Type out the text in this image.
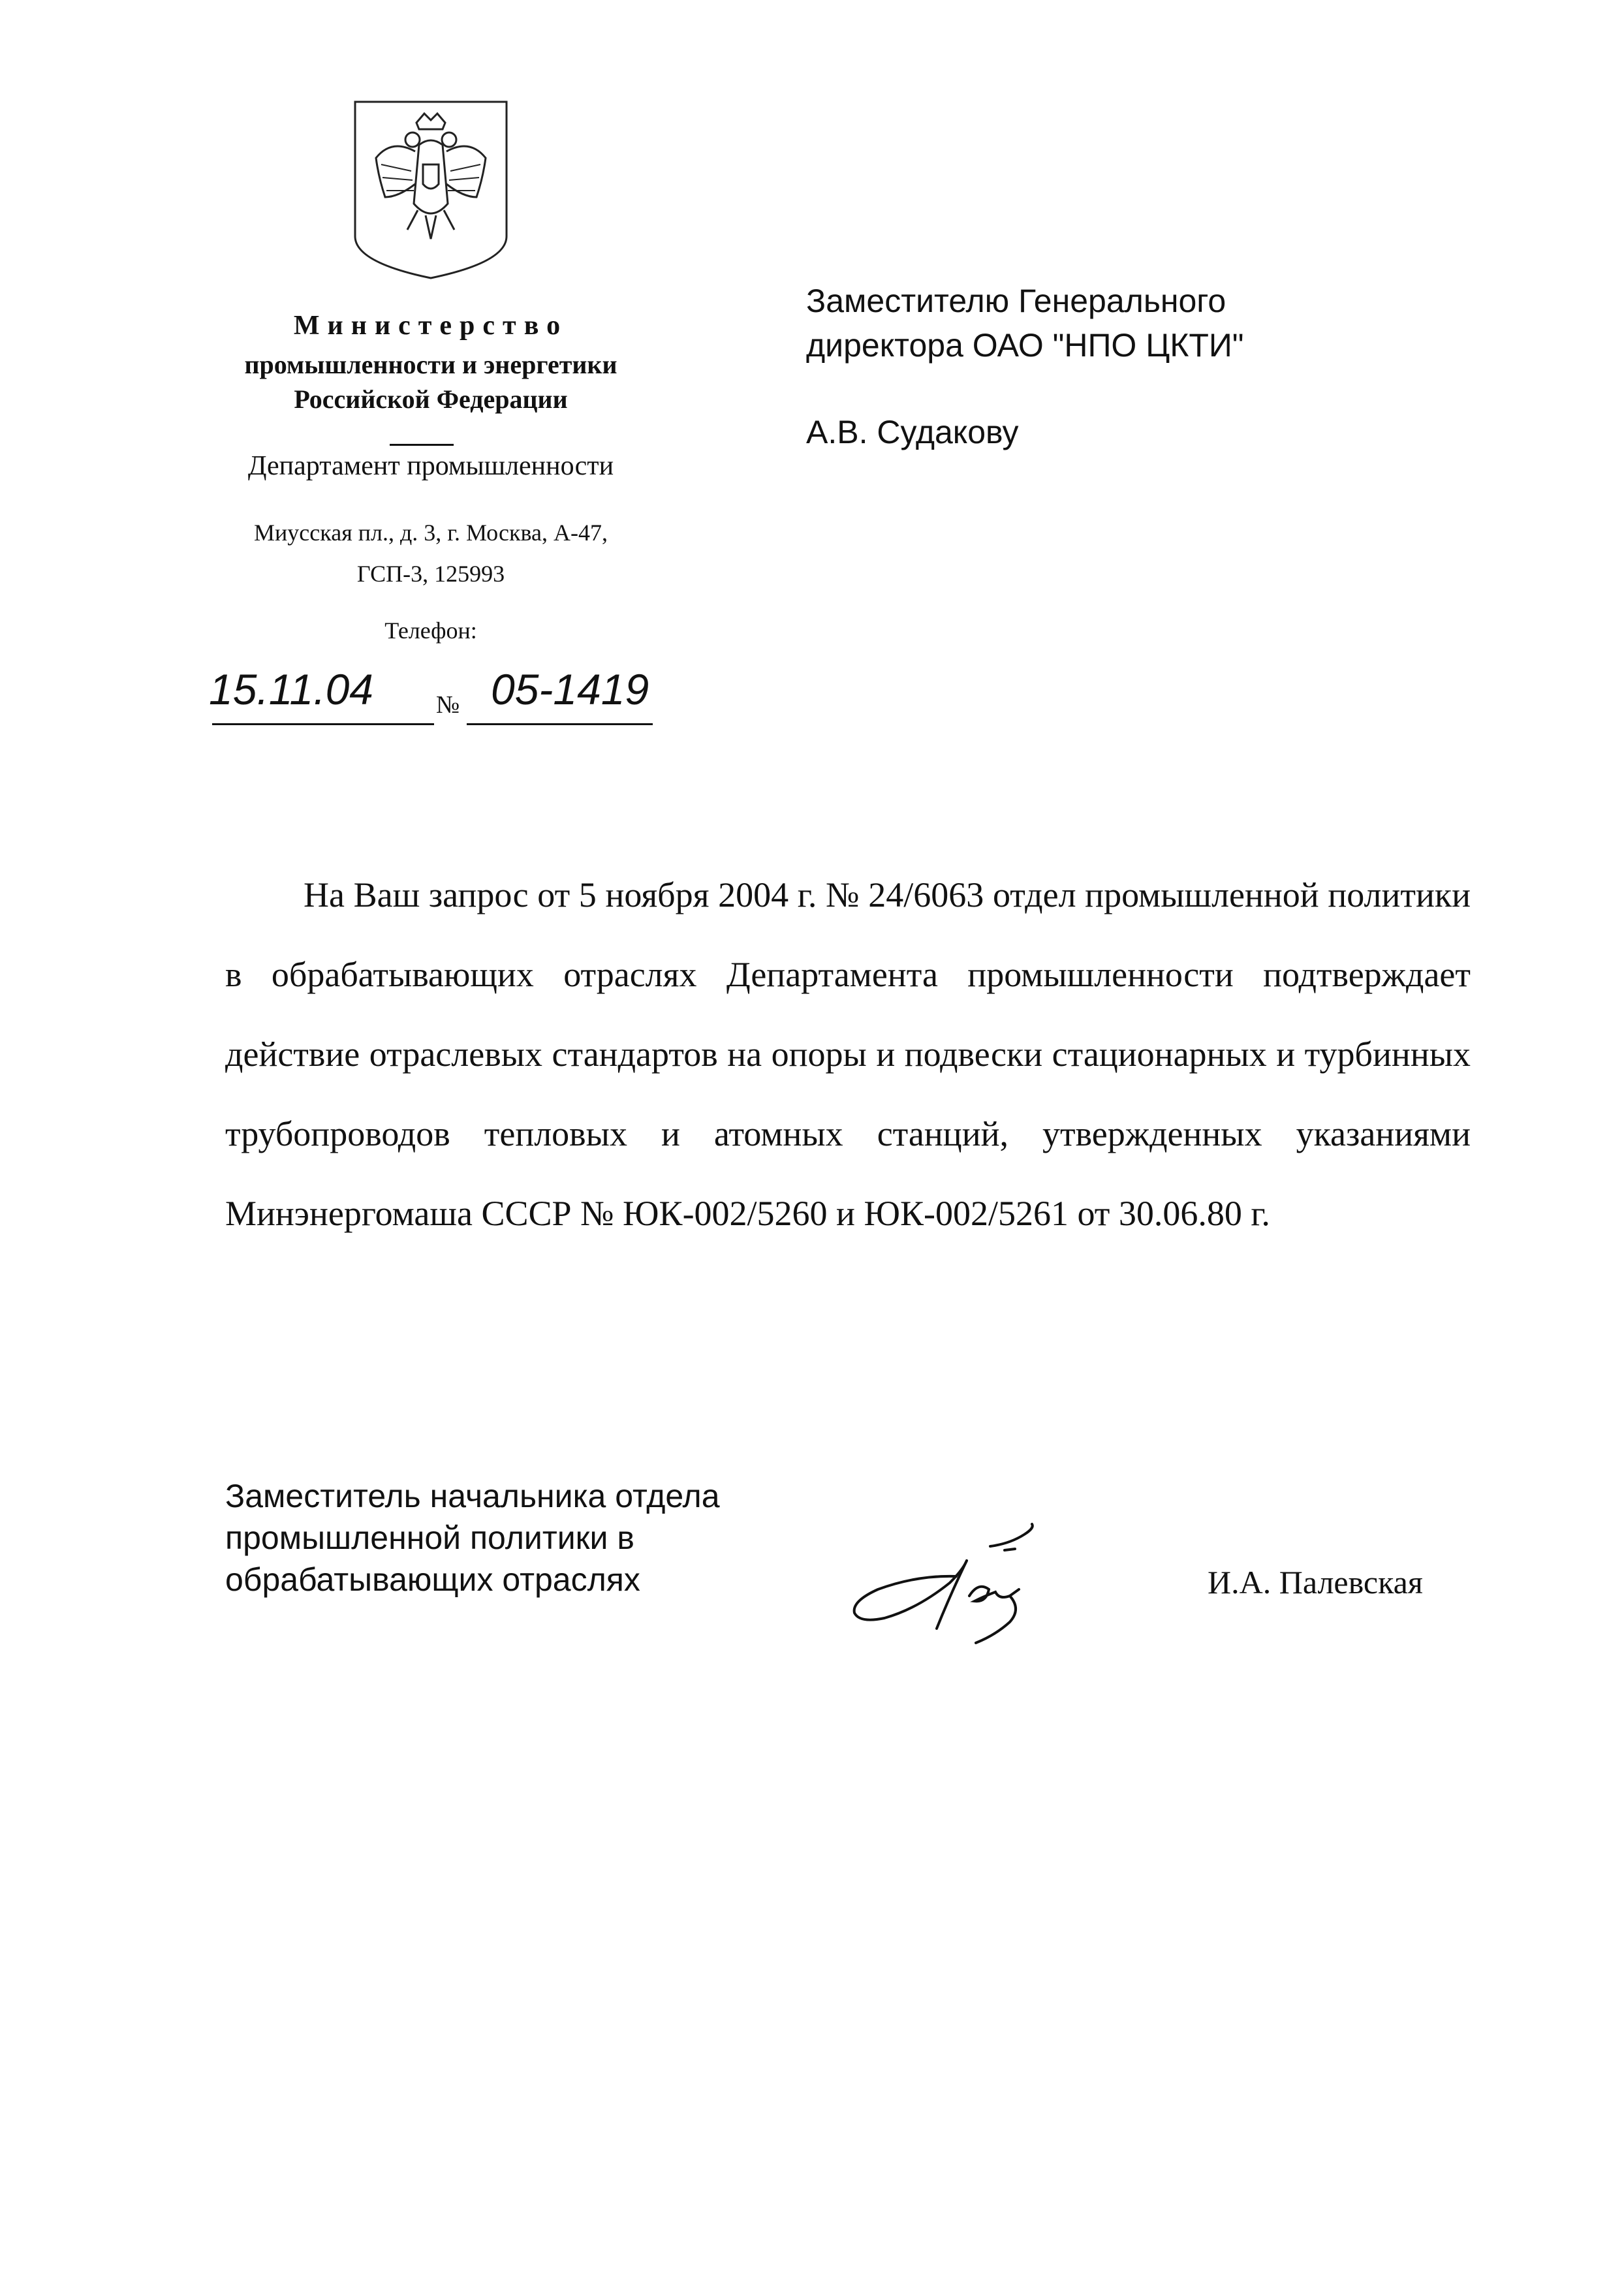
Министерство
промышленности и энергетики
Российской Федерации
Департамент промышленности
Миусская пл., д. 3, г. Москва, А-47,
ГСП-3, 125993
Телефон:
15.11.04	№ 05-1419
Заместителю Генерального
директора ОАО "НПО ЦКТИ"
А.В. Судакову

На Ваш запрос от 5 ноября 2004 г. № 24/6063 отдел промышленной политики в обрабатывающих отраслях Департамента промышленности подтверждает действие отраслевых стандартов на опоры и подвески стационарных и турбинных трубопроводов тепловых и атомных станций, утвержденных указаниями Минэнергомаша СССР № ЮК-002/5260 и ЮК-002/5261 от 30.06.80 г.

Заместитель начальника отдела
промышленной политики в
обрабатывающих отраслях	И.А. Палевская
